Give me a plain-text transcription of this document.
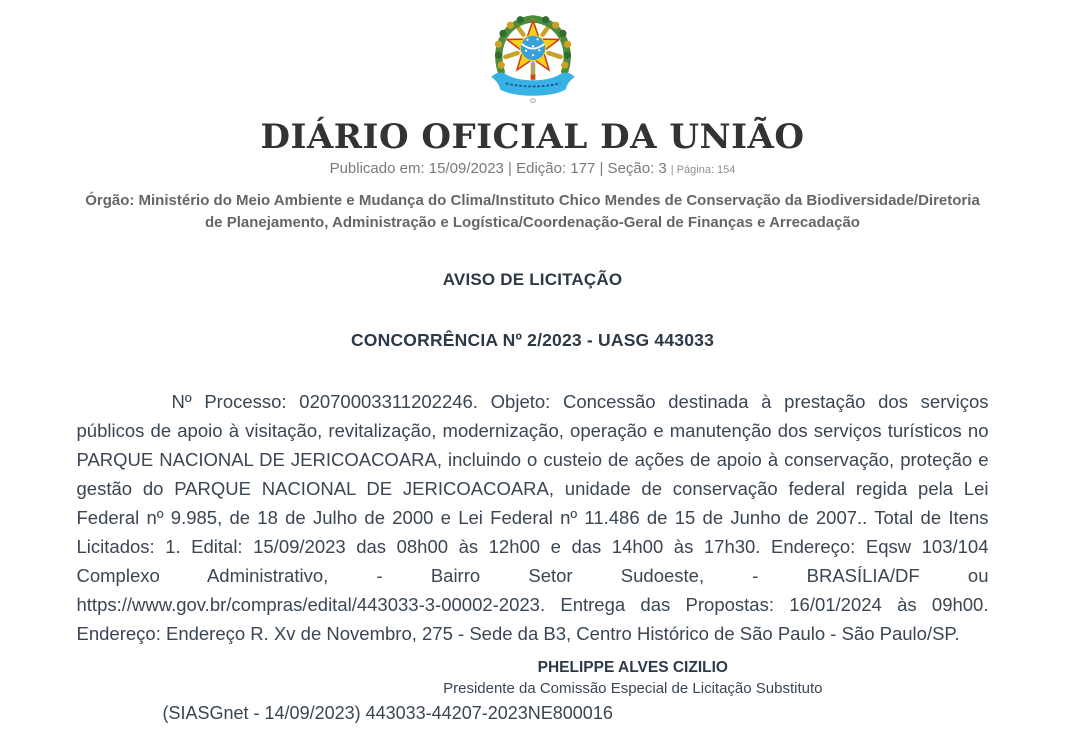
DIÁRIO OFICIAL DA UNIÃO
Publicado em: 15/09/2023 | Edição: 177 | Seção: 3 | Página: 154

Órgão: Ministério do Meio Ambiente e Mudança do Clima/Instituto Chico Mendes de Conservação da Biodiversidade/Diretoria de Planejamento, Administração e Logística/Coordenação-Geral de Finanças e Arrecadação

AVISO DE LICITAÇÃO
CONCORRÊNCIA Nº 2/2023 - UASG 443033

Nº Processo: 02070003311202246. Objeto: Concessão destinada à prestação dos serviços públicos de apoio à visitação, revitalização, modernização, operação e manutenção dos serviços turísticos no PARQUE NACIONAL DE JERICOACOARA, incluindo o custeio de ações de apoio à conservação, proteção e gestão do PARQUE NACIONAL DE JERICOACOARA, unidade de conservação federal regida pela Lei Federal nº 9.985, de 18 de Julho de 2000 e Lei Federal nº 11.486 de 15 de Junho de 2007.. Total de Itens Licitados: 1. Edital: 15/09/2023 das 08h00 às 12h00 e das 14h00 às 17h30. Endereço: Eqsw 103/104 Complexo Administrativo, - Bairro Setor Sudoeste, - BRASÍLIA/DF ou https://www.gov.br/compras/edital/443033-3-00002-2023. Entrega das Propostas: 16/01/2024 às 09h00. Endereço: Endereço R. Xv de Novembro, 275 - Sede da B3, Centro Histórico de São Paulo - São Paulo/SP.

PHELIPPE ALVES CIZILIO

Presidente da Comissão Especial de Licitação Substituto

(SIASGnet - 14/09/2023) 443033-44207-2023NE800016
